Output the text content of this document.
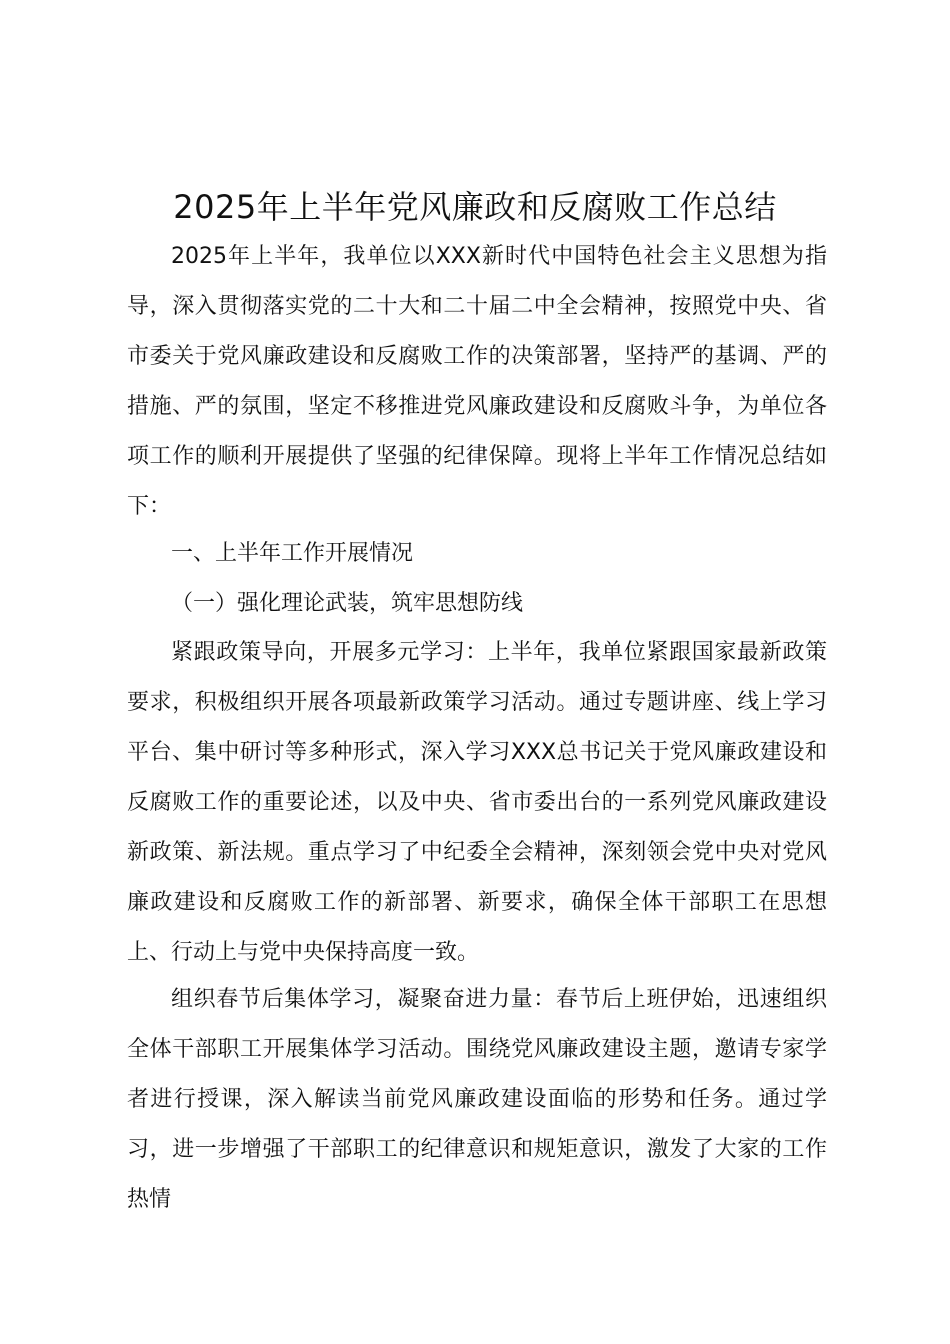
2025年上半年党风廉政和反腐败工作总结

2025年上半年，我单位以XXX新时代中国特色社会主义思想为指导，深入贯彻落实党的二十大和二十届二中全会精神，按照党中央、省市委关于党风廉政建设和反腐败工作的决策部署，坚持严的基调、严的措施、严的氛围，坚定不移推进党风廉政建设和反腐败斗争，为单位各项工作的顺利开展提供了坚强的纪律保障。现将上半年工作情况总结如下：

一、上半年工作开展情况

（一）强化理论武装，筑牢思想防线

紧跟政策导向，开展多元学习：上半年，我单位紧跟国家最新政策要求，积极组织开展各项最新政策学习活动。通过专题讲座、线上学习平台、集中研讨等多种形式，深入学习XXX总书记关于党风廉政建设和反腐败工作的重要论述，以及中央、省市委出台的一系列党风廉政建设新政策、新法规。重点学习了中纪委全会精神，深刻领会党中央对党风廉政建设和反腐败工作的新部署、新要求，确保全体干部职工在思想上、行动上与党中央保持高度一致。

组织春节后集体学习，凝聚奋进力量：春节后上班伊始，迅速组织全体干部职工开展集体学习活动。围绕党风廉政建设主题，邀请专家学者进行授课，深入解读当前党风廉政建设面临的形势和任务。通过学习，进一步增强了干部职工的纪律意识和规矩意识，激发了大家的工作热情
